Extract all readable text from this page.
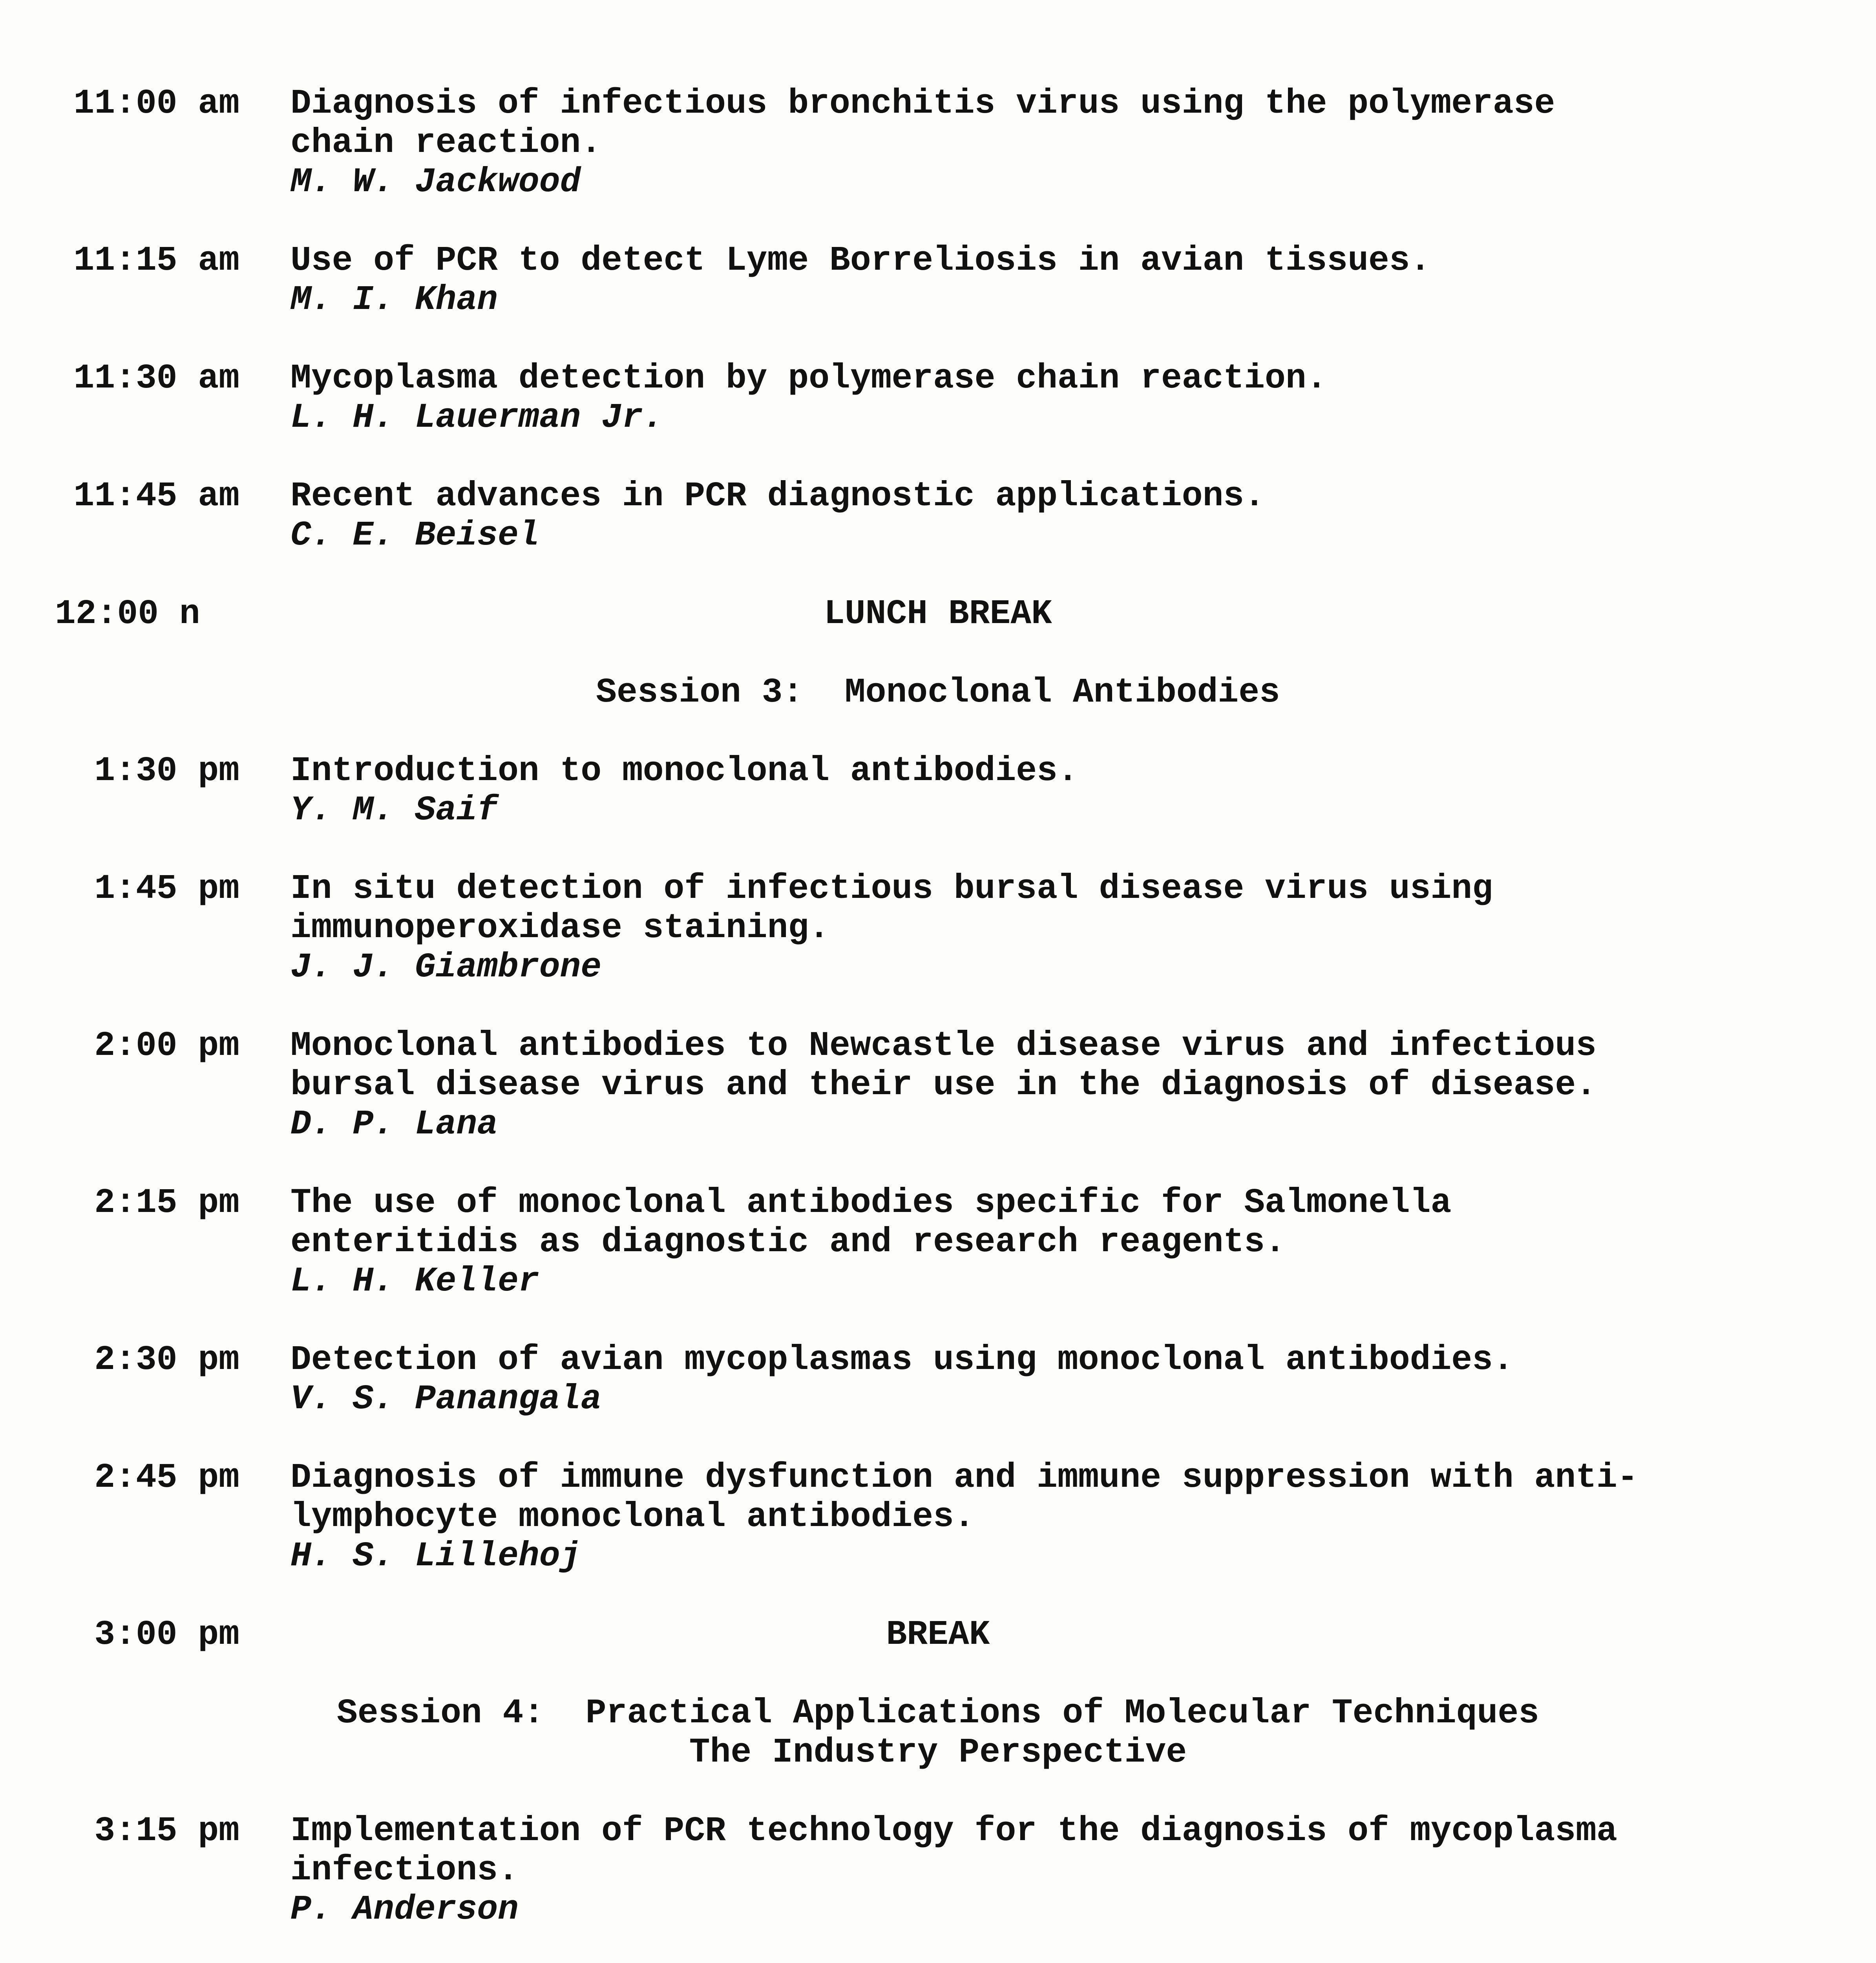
11:00 am Diagnosis of infectious bronchitis virus using the polymerase
chain reaction.
M. W. Jackwood
11:15 am Use of PCR to detect Lyme Borreliosis in avian tissues.
M. I. Khan
11:30 am Mycoplasma detection by polymerase chain reaction.
L. H. Lauerman Jr.
11:45 am Recent advances in PCR diagnostic applications.
C. E. Beisel
12:00 n	LUNCH BREAK
Session 3:  Monoclonal Antibodies
1:30 pm Introduction to monoclonal antibodies.
Y. M. Saif
1:45 pm In situ detection of infectious bursal disease virus using
immunoperoxidase staining.
J. J. Giambrone
2:00 pm Monoclonal antibodies to Newcastle disease virus and infectious
bursal disease virus and their use in the diagnosis of disease.
D. P. Lana
2:15 pm The use of monoclonal antibodies specific for Salmonella
enteritidis as diagnostic and research reagents.
L. H. Keller
2:30 pm Detection of avian mycoplasmas using monoclonal antibodies.
V. S. Panangala
2:45 pm Diagnosis of immune dysfunction and immune suppression with anti-
lymphocyte monoclonal antibodies.
H. S. Lillehoj
3:00 pm	BREAK
Session 4:  Practical Applications of Molecular Techniques
The Industry Perspective
3:15 pm Implementation of PCR technology for the diagnosis of mycoplasma
infections.
P. Anderson
